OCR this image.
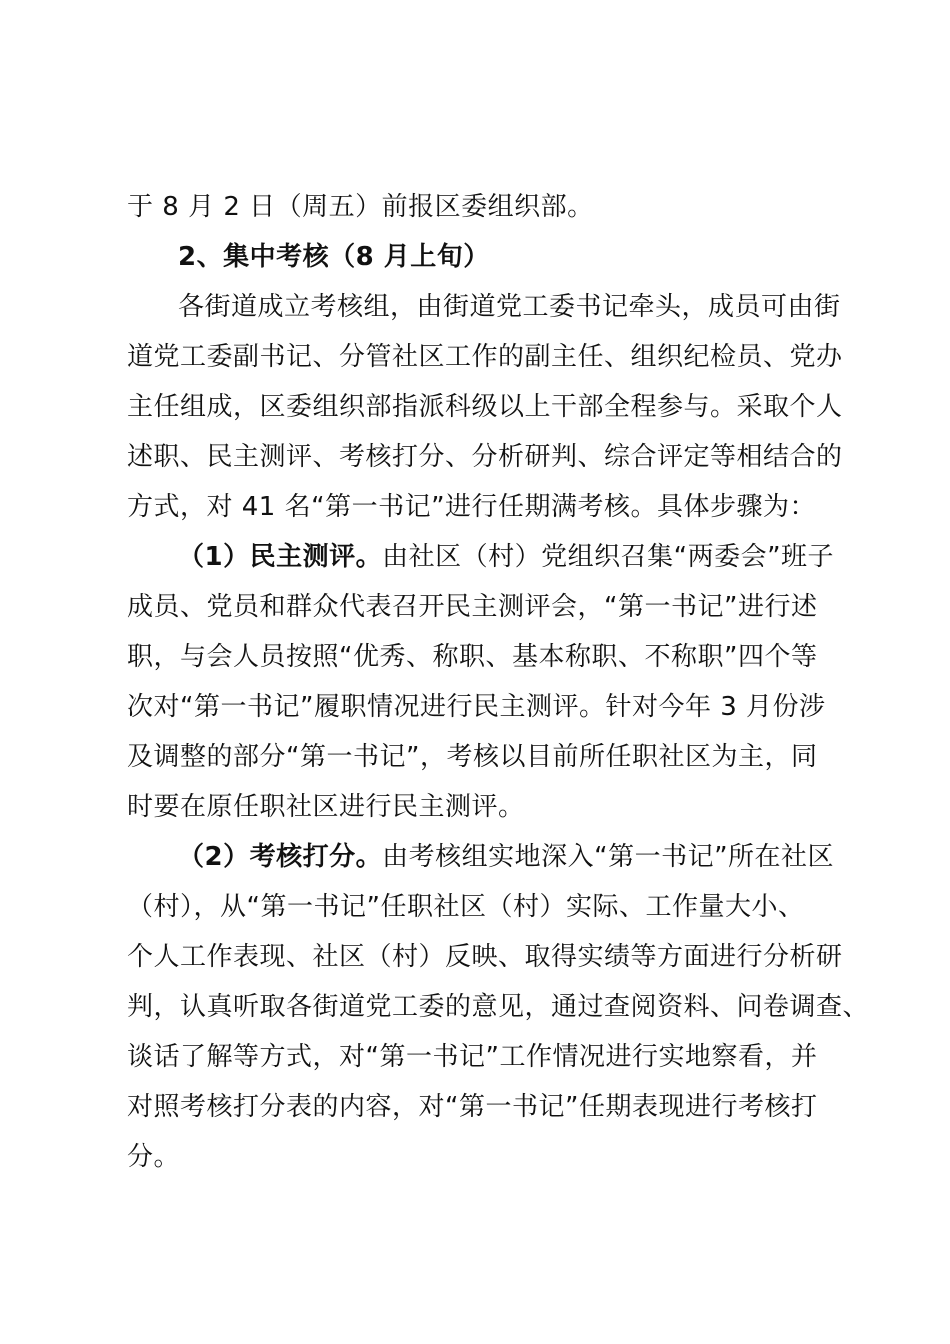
于 8 月 2 日（周五）前报区委组织部。
2、集中考核（8 月上旬）
各街道成立考核组，由街道党工委书记牵头，成员可由街
道党工委副书记、分管社区工作的副主任、组织纪检员、党办
主任组成，区委组织部指派科级以上干部全程参与。采取个人
述职、民主测评、考核打分、分析研判、综合评定等相结合的
方式，对 41 名“第一书记”进行任期满考核。具体步骤为：
（1）民主测评。由社区（村）党组织召集“两委会”班子
成员、党员和群众代表召开民主测评会，“第一书记”进行述
职，与会人员按照“优秀、称职、基本称职、不称职”四个等
次对“第一书记”履职情况进行民主测评。针对今年 3 月份涉
及调整的部分“第一书记”，考核以目前所任职社区为主，同
时要在原任职社区进行民主测评。
（2）考核打分。由考核组实地深入“第一书记”所在社区
（村），从“第一书记”任职社区（村）实际、工作量大小、
个人工作表现、社区（村）反映、取得实绩等方面进行分析研
判，认真听取各街道党工委的意见，通过查阅资料、问卷调查、
谈话了解等方式，对“第一书记”工作情况进行实地察看，并
对照考核打分表的内容，对“第一书记”任期表现进行考核打
分。
